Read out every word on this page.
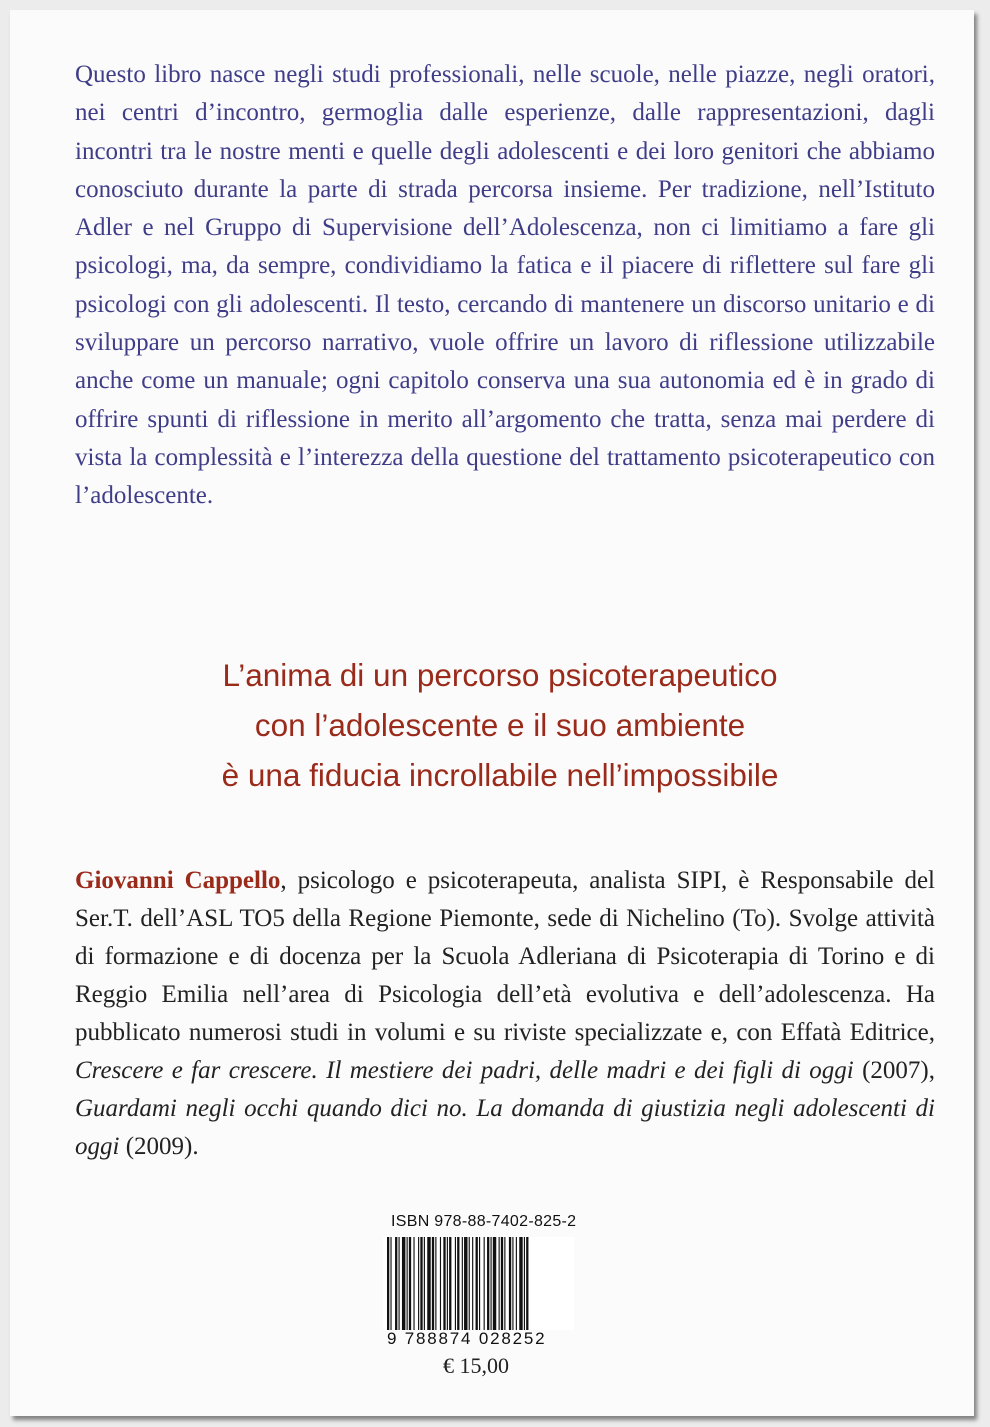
Questo libro nasce negli studi professionali, nelle scuole, nelle piazze, negli oratori, nei centri d’incontro, germoglia dalle esperienze, dalle rappresentazioni, dagli incontri tra le nostre menti e quelle degli adolescenti e dei loro genitori che abbiamo conosciuto durante la parte di strada percorsa insieme. Per tradizione, nell’Istituto Adler e nel Gruppo di Supervisione dell’Adolescenza, non ci limitiamo a fare gli psicologi, ma, da sempre, condividiamo la fatica e il piacere di riflettere sul fare gli psicologi con gli adolescenti. Il testo, cercando di mantenere un discorso unitario e di sviluppare un percorso narrativo, vuole offrire un lavoro di riflessione utilizzabile anche come un manuale; ogni capitolo conserva una sua autonomia ed è in grado di offrire spunti di riflessione in merito all’argomento che tratta, senza mai perdere di vista la complessità e l’interezza della questione del trattamento psicoterapeutico con l’adolescente.

L’anima di un percorso psicoterapeutico
con l’adolescente e il suo ambiente
è una fiducia incrollabile nell’impossibile

Giovanni Cappello, psicologo e psicoterapeuta, analista SIPI, è Responsabile del Ser.T. dell’ASL TO5 della Regione Piemonte, sede di Nichelino (To). Svolge attività di formazione e di docenza per la Scuola Adleriana di Psicoterapia di Torino e di Reggio Emilia nell’area di Psicologia dell’età evolutiva e dell’adolescenza. Ha pubblicato numerosi studi in volumi e su riviste specializzate e, con Effatà Editrice, Crescere e far crescere. Il mestiere dei padri, delle madri e dei figli di oggi (2007), Guardami negli occhi quando dici no. La domanda di giustizia negli adolescenti di oggi (2009).

ISBN 978-88-7402-825-2
9 788874 028252
€ 15,00
